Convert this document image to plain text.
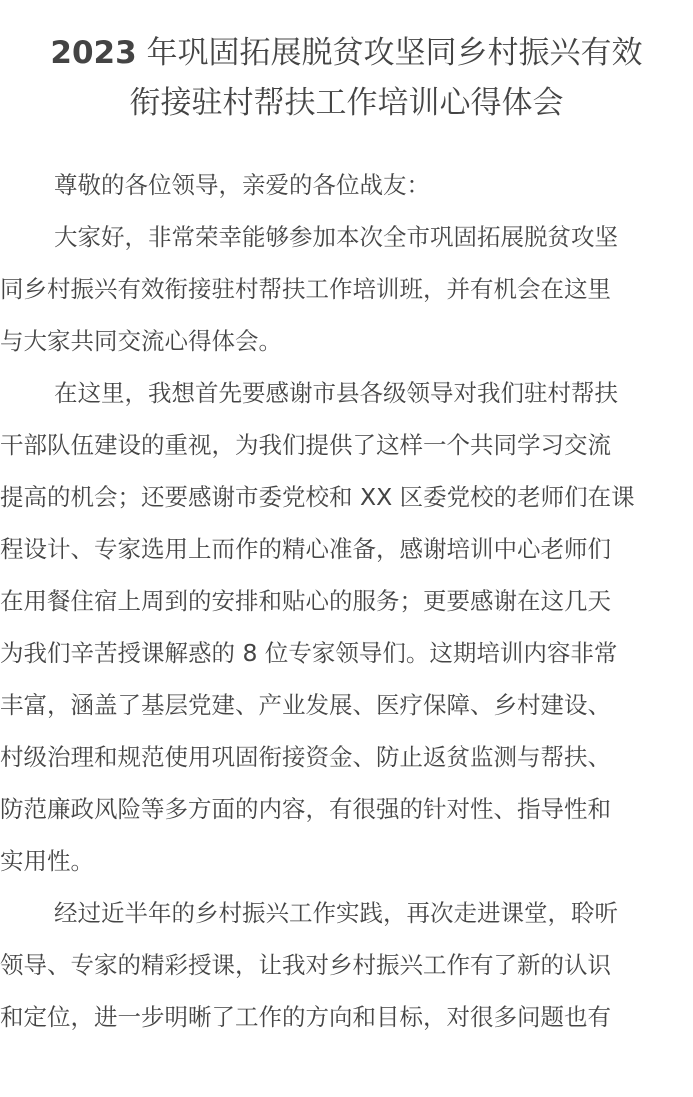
2023 年巩固拓展脱贫攻坚同乡村振兴有效
衔接驻村帮扶工作培训心得体会

尊敬的各位领导，亲爱的各位战友：

大家好，非常荣幸能够参加本次全市巩固拓展脱贫攻坚
同乡村振兴有效衔接驻村帮扶工作培训班，并有机会在这里
与大家共同交流心得体会。

在这里，我想首先要感谢市县各级领导对我们驻村帮扶
干部队伍建设的重视，为我们提供了这样一个共同学习交流
提高的机会；还要感谢市委党校和 XX 区委党校的老师们在课
程设计、专家选用上而作的精心准备，感谢培训中心老师们
在用餐住宿上周到的安排和贴心的服务；更要感谢在这几天
为我们辛苦授课解惑的 8 位专家领导们。这期培训内容非常
丰富，涵盖了基层党建、产业发展、医疗保障、乡村建设、
村级治理和规范使用巩固衔接资金、防止返贫监测与帮扶、
防范廉政风险等多方面的内容，有很强的针对性、指导性和
实用性。

经过近半年的乡村振兴工作实践，再次走进课堂，聆听
领导、专家的精彩授课，让我对乡村振兴工作有了新的认识
和定位，进一步明晰了工作的方向和目标，对很多问题也有
